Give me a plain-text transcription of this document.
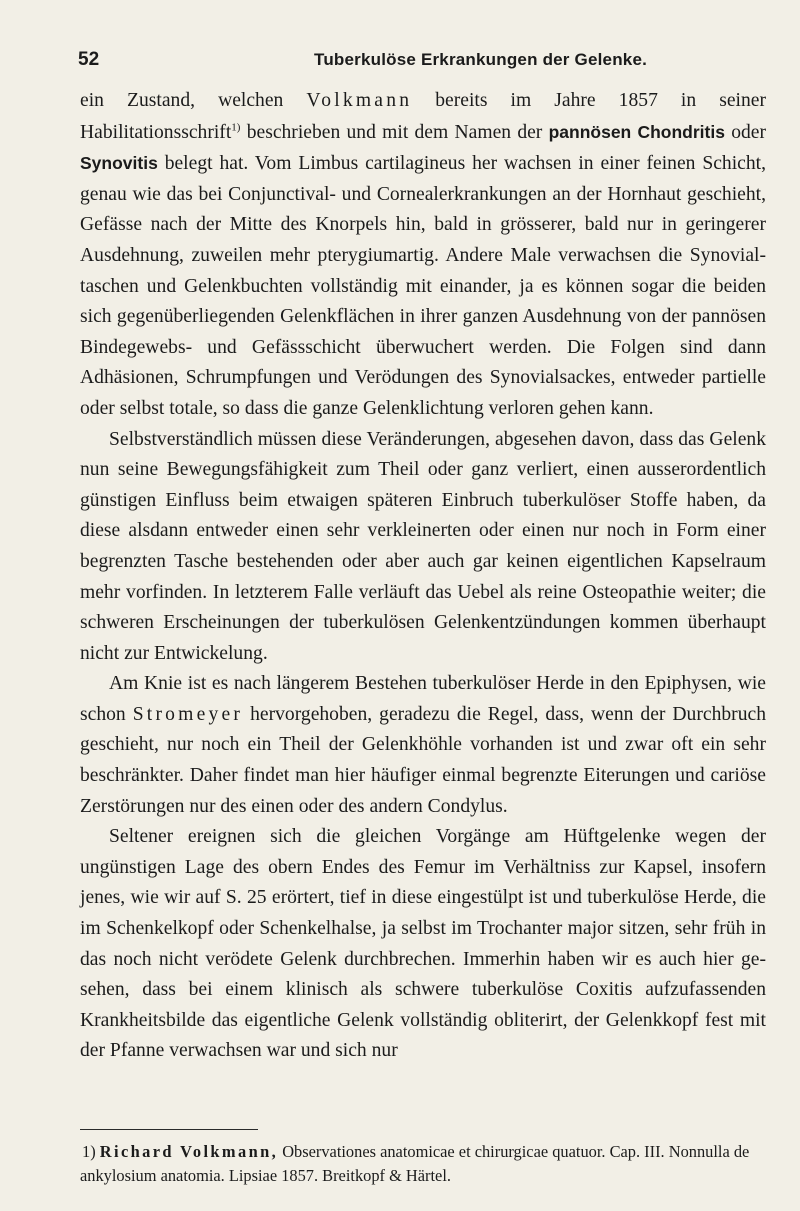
52	Tuberkulöse Erkrankungen der Gelenke.

ein Zustand, welchen Volkmann bereits im Jahre 1857 in seiner Habilitationsschrift$^{1)}$ beschrieben und mit dem Namen der pannösen Chondritis oder Synovitis belegt hat. Vom Limbus cartilagineus her wachsen in einer feinen Schicht, genau wie das bei Conjunctival- und Cornealerkrankungen an der Hornhaut geschieht, Gefässe nach der Mitte des Knorpels hin, bald in grösserer, bald nur in geringerer Ausdehnung, zuweilen mehr pterygiumartig. Andere Male verwachsen die Synovialtaschen und Gelenkbuchten vollständig mit einander, ja es können sogar die beiden sich gegenüberliegenden Gelenkflächen in ihrer ganzen Ausdehnung von der pannösen Bindegewebs- und Gefässschicht überwuchert werden. Die Folgen sind dann Adhäsionen, Schrumpfungen und Verödungen des Synovialsackes, entweder partielle oder selbst totale, so dass die ganze Gelenklichtung verloren gehen kann.

Selbstverständlich müssen diese Veränderungen, abgesehen davon, dass das Gelenk nun seine Bewegungsfähigkeit zum Theil oder ganz verliert, einen ausserordentlich günstigen Einfluss beim etwaigen späteren Einbruch tuberkulöser Stoffe haben, da diese alsdann entweder einen sehr verkleinerten oder einen nur noch in Form einer begrenzten Tasche bestehenden oder aber auch gar keinen eigentlichen Kapselraum mehr vorfinden. In letzterem Falle verläuft das Uebel als reine Osteopathie weiter; die schweren Erscheinungen der tuberkulösen Gelenkentzündungen kommen überhaupt nicht zur Entwickelung.

Am Knie ist es nach längerem Bestehen tuberkulöser Herde in den Epiphysen, wie schon Stromeyer hervorgehoben, geradezu die Regel, dass, wenn der Durchbruch geschieht, nur noch ein Theil der Gelenkhöhle vorhanden ist und zwar oft ein sehr beschränkter. Daher findet man hier häufiger einmal begrenzte Eiterungen und cariöse Zerstörungen nur des einen oder des andern Condylus.

Seltener ereignen sich die gleichen Vorgänge am Hüftgelenke wegen der ungünstigen Lage des obern Endes des Femur im Verhältniss zur Kapsel, insofern jenes, wie wir auf S. 25 erörtert, tief in diese eingestülpt ist und tuberkulöse Herde, die im Schenkelkopf oder Schenkelhalse, ja selbst im Trochanter major sitzen, sehr früh in das noch nicht verödete Gelenk durchbrechen. Immerhin haben wir es auch hier gesehen, dass bei einem klinisch als schwere tuberkulöse Coxitis aufzufassenden Krankheitsbilde das eigentliche Gelenk vollständig obliterirt, der Gelenkkopf fest mit der Pfanne verwachsen war und sich nur

1) Richard Volkmann, Observationes anatomicae et chirurgicae quatuor. Cap. III. Nonnulla de ankylosium anatomia. Lipsiae 1857. Breitkopf & Härtel.
